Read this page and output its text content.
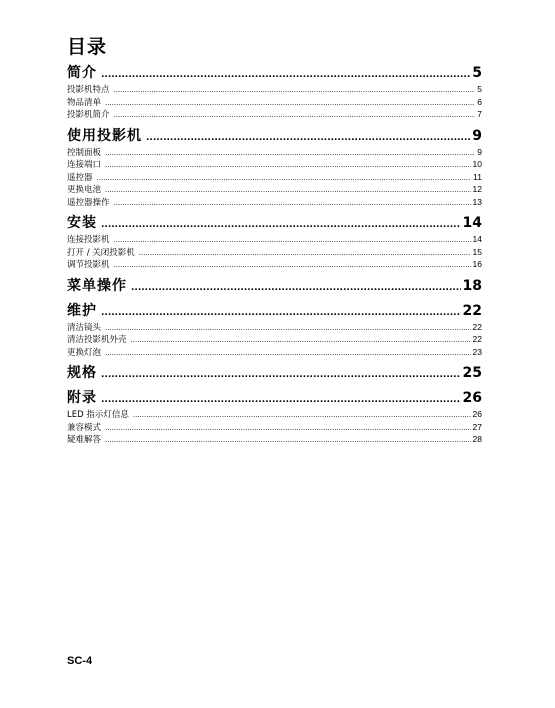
目录
简介 .....	5
投影机特点 .....	5
物品清单 .....	6
投影机简介 .....	7
使用投影机 .....	9
控制面板 .....	9
连接端口 .....	10
遥控器 .....	11
更换电池 .....	12
遥控器操作 .....	13
安装 .....	14
连接投影机 .....	14
打开 / 关闭投影机 .....	15
调节投影机 .....	16
菜单操作 .....	18
维护 .....	22
清洁镜头 .....	22
清洁投影机外壳 .....	22
更换灯泡 .....	23
规格 .....	25
附录 .....	26
LED 指示灯信息 .....	26
兼容模式 .....	27
疑难解答 .....	28
SC-4
